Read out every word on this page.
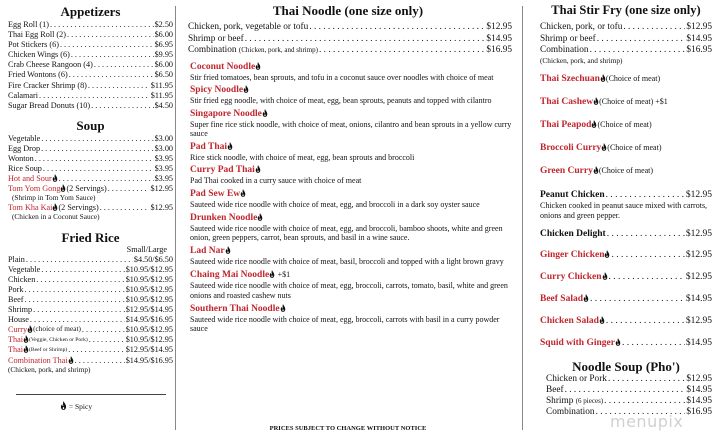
Appetizers
Egg Roll (1) . . .	$2.50
Thai Egg Roll (2) . . .	$6.00
Pot Stickers (6) . . .	$6.95
Chicken Wings (6) . . .	$9.95
Crab Cheese Rangoon (4) . . .	$6.00
Fried Wontons (6) . . .	$6.50
Fire Cracker Shrimp (8) . . .	$11.95
Calamari . . .	$11.95
Sugar Bread Donuts (10) . . .	$4.50
Soup
Vegetable . . .	$3.00
Egg Drop . . .	$3.00
Wonton . . .	$3.95
Rice Soup . . .	$3.95
Hot and Sour . . .	$3.95
Tom Yom Gong (2 Servings) . . .	$12.95
(Shrimp in Tom Yom Sauce)
Tom Kha Kai (2 Servings) . . .	$12.95
(Chicken in a Coconut Sauce)
Fried Rice
Small/Large
Plain . . .	$4.50/$6.50
Vegetable . . .	$10.95/$12.95
Chicken . . .	$10.95/$12.95
Pork . . .	$10.95/$12.95
Beef . . .	$10.95/$12.95
Shrimp . . .	$12.95/$14.95
House . . .	$14.95/$16.95
Curry (choice of meat) . . .	$10.95/$12.95
Thai (Veggie, Chicken or Pork) . . .	$10.95/$12.95
Thai (Beef or Shrimp) . . .	$12.95/$14.95
Combination Thai . . .	$14.95/$16.95
(Chicken, pork, and shrimp)
= Spicy
Thai Noodle (one size only)
Chicken, pork, vegetable or tofu . . .	$12.95
Shrimp or beef . . .	$14.95
Combination
(Chicken, pork, and shrimp) . . .	$16.95
Coconut Noodle
Stir fried tomatoes, bean sprouts, and tofu in a coconut sauce over noodles with choice of meat
Spicy Noodle
Stir fried egg noodle, with choice of meat, egg, bean sprouts, peanuts and topped with cilantro
Singapore Noodle
Super fine rice stick noodle, with choice of meat, onions, cilantro and bean sprouts in a yellow curry sauce
Pad Thai
Rice stick noodle, with choice of meat, egg, bean sprouts and broccoli
Curry Pad Thai
Pad Thai cooked in a curry sauce with choice of meat
Pad Sew Ew
Sauteed wide rice noodle with choice of meat, egg, and broccoli in a dark soy oyster sauce
Drunken Noodle
Sauteed wide rice noodle with choice of meat, egg, and broccoli, bamboo shoots, white and green onion, green peppers, carrot, bean sprouts, and basil in a wine sauce.
Lad Nar
Sauteed wide rice noodle with choice of meat, basil, broccoli and topped with a light brown gravy
Chaing Mai Noodle +$1
Sauteed wide rice noodle with choice of meat, egg, broccoli, carrots, tomato, basil, white and green onions and roasted cashew nuts
Southern Thai Noodle
Sauteed wide rice noodle with choice of meat, egg, broccoli, carrots with basil in a curry powder sauce
PRICES SUBJECT TO CHANGE WITHOUT NOTICE
Thai Stir Fry (one size only)
Chicken, pork, or tofu . . .	$12.95
Shrimp or beef . . .	$14.95
Combination . . .	$16.95
(Chicken, pork, and shrimp)
Thai Szechuan (Choice of meat)
Thai Cashew (Choice of meat) +$1
Thai Peapod (Choice of meat)
Broccoli Curry (Choice of meat)
Green Curry (Choice of meat)
Peanut Chicken . . .	$12.95
Chicken cooked in peanut sauce mixed with carrots, onions and green pepper.
Chicken Delight . . .	$12.95
Ginger Chicken . . .	$12.95
Curry Chicken . . .	$12.95
Beef Salad . . .	$14.95
Chicken Salad . . .	$12.95
Squid with Ginger . . .	$14.95
Noodle Soup (Pho')
Chicken or Pork . . .	$12.95
Beef . . .	$14.95
Shrimp
(6 pieces) . . .	$14.95
Combination . . .	$16.95
menupix
